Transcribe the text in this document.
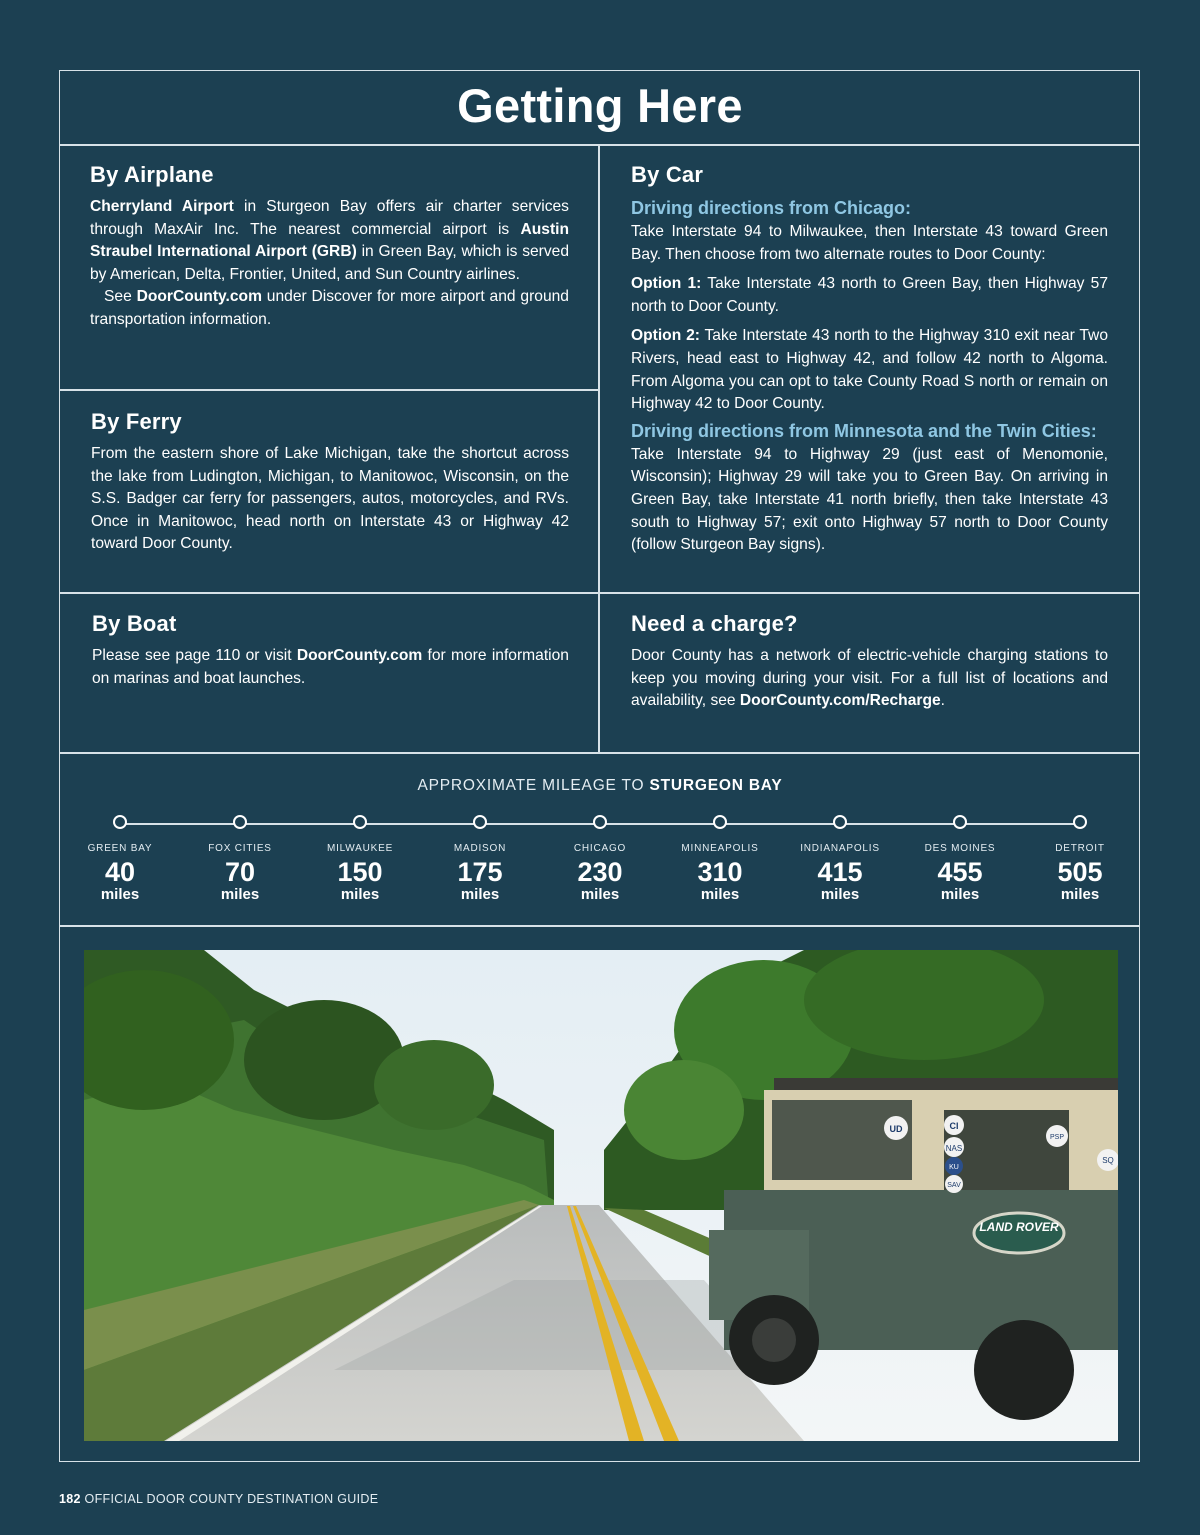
Getting Here
By Airplane

Cherryland Airport in Sturgeon Bay offers air charter services through MaxAir Inc. The nearest commercial airport is Austin Straubel International Airport (GRB) in Green Bay, which is served by American, Delta, Frontier, United, and Sun Country airlines.

See DoorCounty.com under Discover for more airport and ground transportation information.

By Ferry

From the eastern shore of Lake Michigan, take the shortcut across the lake from Ludington, Michigan, to Manitowoc, Wisconsin, on the S.S. Badger car ferry for passengers, autos, motorcycles, and RVs. Once in Manitowoc, head north on Interstate 43 or Highway 42 toward Door County.

By Car
Driving directions from Chicago:

Take Interstate 94 to Milwaukee, then Interstate 43 toward Green Bay. Then choose from two alternate routes to Door County:

Option 1: Take Interstate 43 north to Green Bay, then Highway 57 north to Door County.

Option 2: Take Interstate 43 north to the Highway 310 exit near Two Rivers, head east to Highway 42, and follow 42 north to Algoma. From Algoma you can opt to take County Road S north or remain on Highway 42 to Door County.

Driving directions from Minnesota and the Twin Cities:

Take Interstate 94 to Highway 29 (just east of Menomonie, Wisconsin); Highway 29 will take you to Green Bay. On arriving in Green Bay, take Interstate 41 north briefly, then take Interstate 43 south to Highway 57; exit onto Highway 57 north to Door County (follow Sturgeon Bay signs).

By Boat

Please see page 110 or visit DoorCounty.com for more information on marinas and boat launches.

Need a charge?

Door County has a network of electric-vehicle charging stations to keep you moving during your visit. For a full list of locations and availability, see DoorCounty.com/Recharge.

APPROXIMATE MILEAGE TO STURGEON BAY
GREEN BAY
40
miles
FOX CITIES
70
miles
MILWAUKEE
150
miles
MADISON
175
miles
CHICAGO
230
miles
MINNEAPOLIS
310
miles
INDIANAPOLIS
415
miles
DES MOINES
455
miles
DETROIT
505
miles
LAND ROVER
CI
NAS
KU
SAV
PSP
SQ
UD
182 OFFICIAL DOOR COUNTY DESTINATION GUIDE
